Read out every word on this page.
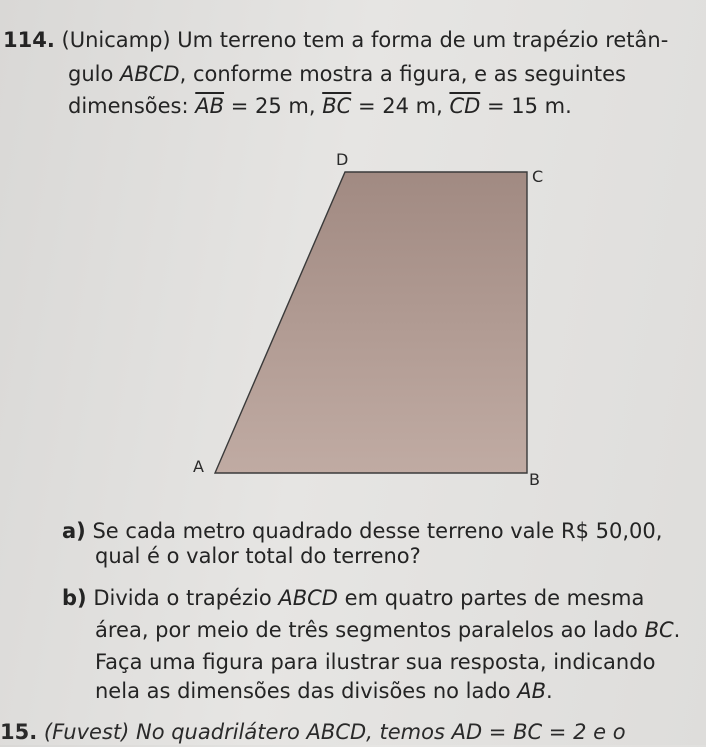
114. (Unicamp) Um terreno tem a forma de um trapézio retân-
gulo ABCD, conforme mostra a figura, e as seguintes
dimensões: $\overline{AB} = 25$ m, $\overline{BC} = 24$ m, $\overline{CD} = 15$ m.
D
C
A
B
a) Se cada metro quadrado desse terreno vale R$ 50,00,
qual é o valor total do terreno?
b) Divida o trapézio ABCD em quatro partes de mesma
área, por meio de três segmentos paralelos ao lado BC.
Faça uma figura para ilustrar sua resposta, indicando
nela as dimensões das divisões no lado AB.
15. (Fuvest) No quadrilátero ABCD, temos AD = BC = 2 e o
